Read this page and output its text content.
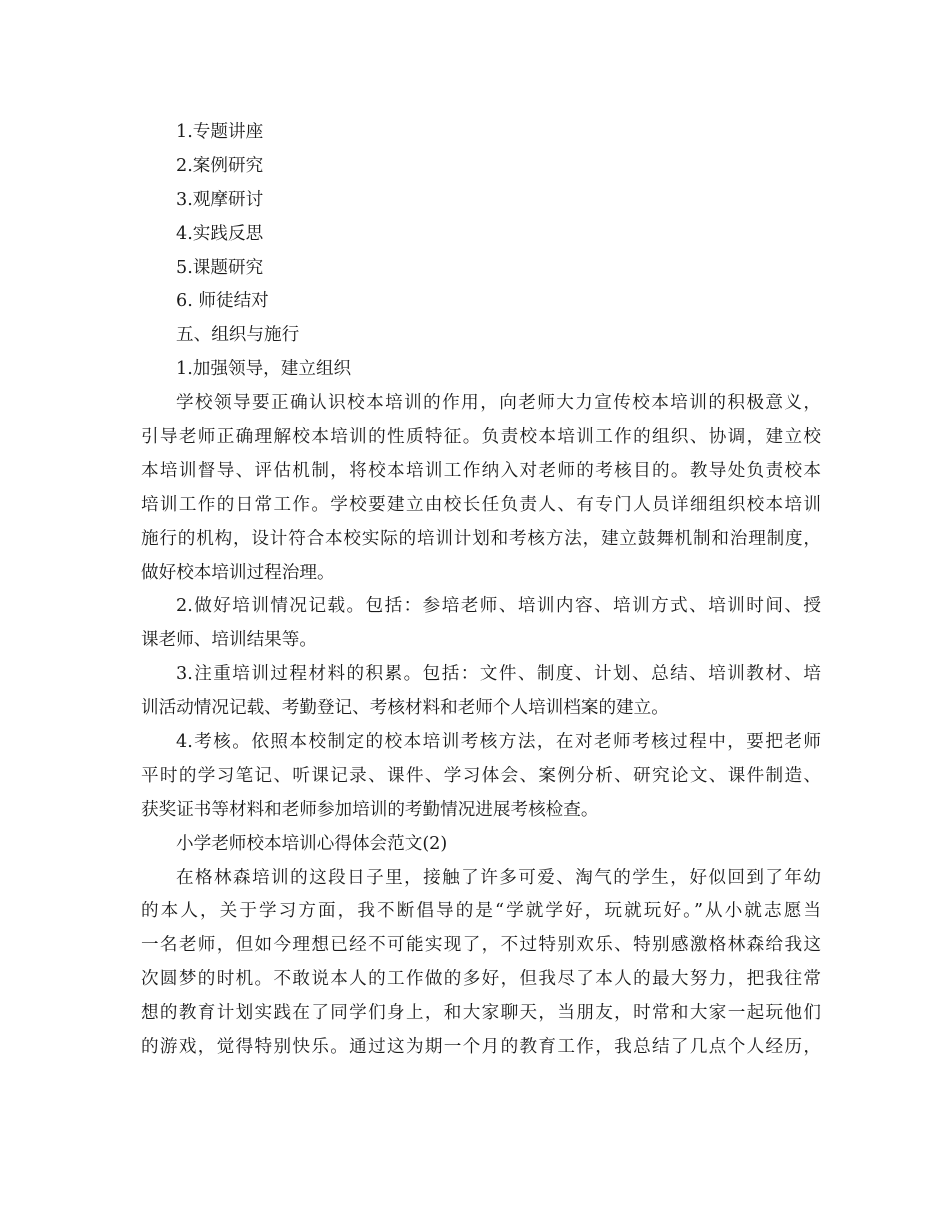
1.专题讲座
2.案例研究
3.观摩研讨
4.实践反思
5.课题研究
6. 师徒结对
五、组织与施行
1.加强领导，建立组织
学校领导要正确认识校本培训的作用，向老师大力宣传校本培训的积极意义，
引导老师正确理解校本培训的性质特征。负责校本培训工作的组织、协调，建立校
本培训督导、评估机制，将校本培训工作纳入对老师的考核目的。教导处负责校本
培训工作的日常工作。学校要建立由校长任负责人、有专门人员详细组织校本培训
施行的机构，设计符合本校实际的培训计划和考核方法，建立鼓舞机制和治理制度，
做好校本培训过程治理。
2.做好培训情况记载。包括：参培老师、培训内容、培训方式、培训时间、授
课老师、培训结果等。
3.注重培训过程材料的积累。包括：文件、制度、计划、总结、培训教材、培
训活动情况记载、考勤登记、考核材料和老师个人培训档案的建立。
4.考核。依照本校制定的校本培训考核方法，在对老师考核过程中，要把老师
平时的学习笔记、听课记录、课件、学习体会、案例分析、研究论文、课件制造、
获奖证书等材料和老师参加培训的考勤情况进展考核检查。
小学老师校本培训心得体会范文(2)
在格林森培训的这段日子里，接触了许多可爱、淘气的学生，好似回到了年幼
的本人，关于学习方面，我不断倡导的是“学就学好，玩就玩好。”从小就志愿当
一名老师，但如今理想已经不可能实现了，不过特别欢乐、特别感激格林森给我这
次圆梦的时机。不敢说本人的工作做的多好，但我尽了本人的最大努力，把我往常
想的教育计划实践在了同学们身上，和大家聊天，当朋友，时常和大家一起玩他们
的游戏，觉得特别快乐。通过这为期一个月的教育工作，我总结了几点个人经历，
